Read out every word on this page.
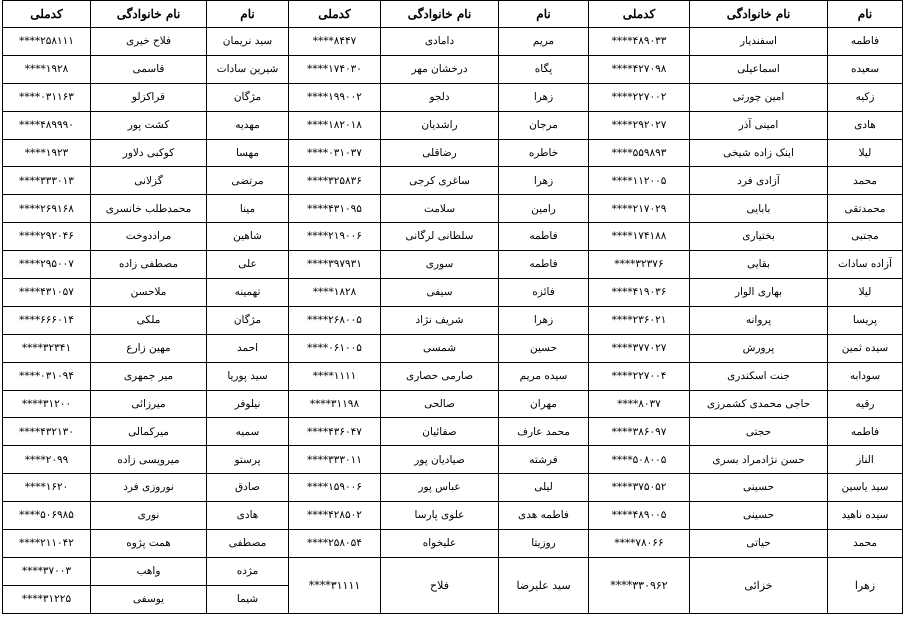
نام	نام خانوادگی	کدملی	نام	نام خانوادگی	کدملی	نام	نام خانوادگی	کدملی
فاطمه	اسفندیار	****۴۸۹۰۳۳	مریم	دامادی	****۸۴۴۷	سید نریمان	فلاح خیری	****۲۵۸۱۱۱
سعیده	اسماعیلی	****۴۲۷۰۹۸	پگاه	درخشان مهر	****۱۷۴۰۳۰	شیرین سادات	قاسمی	****۱۹۲۸
زکیه	امین چورتی	****۲۲۷۰۰۲	زهرا	دلجو	****۱۹۹۰۰۲	مژگان	قراکزلو	****۰۳۱۱۶۳
هادی	امینی آذر	****۲۹۲۰۲۷	مرجان	راشدیان	****۱۸۲۰۱۸	مهدیه	کشت پور	****۴۸۹۹۹۰
لیلا	اینک زاده شیخی	****۵۵۹۸۹۳	خاطره	رضاقلی	****۰۳۱۰۳۷	مهسا	کوکبی دلاور	****۱۹۲۳
محمد	آزادی فرد	****۱۱۲۰۰۵	زهرا	ساغری کرجی	****۳۲۵۸۳۶	مرتضی	گزلانی	****۳۳۳۰۱۳
محمدتقی	بابایی	****۲۱۷۰۲۹	رامین	سلامت	****۴۳۱۰۹۵	مینا	محمدطلب خانسری	****۲۶۹۱۶۸
مجتبی	بختیاری	****۱۷۴۱۸۸	فاطمه	سلطانی لرگانی	****۲۱۹۰۰۶	شاهین	مراددوخت	****۲۹۲۰۴۶
آزاده سادات	بقایی	****۳۲۳۷۶	فاطمه	سوری	****۳۹۷۹۳۱	علی	مصطفی زاده	****۲۹۵۰۰۷
لیلا	بهاری الوار	****۴۱۹۰۳۶	فائزه	سیفی	****۱۸۲۸	تهمینه	ملاحسن	****۴۳۱۰۵۷
پریسا	پروانه	****۲۳۶۰۲۱	زهرا	شریف نژاد	****۲۶۸۰۰۵	مژگان	ملکی	****۶۶۶۰۱۴
سیده ثمین	پرورش	****۳۷۷۰۲۷	حسین	شمسی	****۰۶۱۰۰۵	احمد	مهین زارع	****۳۲۳۴۱
سودابه	جنت اسکندری	****۲۲۷۰۰۴	سیده مریم	صارمی حصاری	****۱۱۱۱	سید پوریا	میر جمهری	****۰۳۱۰۹۴
رقیه	حاجی محمدی کشمرزی	****۸۰۳۷	مهران	صالحی	****۳۱۱۹۸	نیلوفر	میرزائی	****۳۱۲۰۰
فاطمه	حجتی	****۳۸۶۰۹۷	محمد عارف	صفائیان	****۴۳۶۰۴۷	سمیه	میرکمالی	****۴۳۲۱۳۰
الناز	حسن نژادمراد بسری	****۵۰۸۰۰۵	فرشته	صیادیان پور	****۳۳۳۰۱۱	پرستو	میرویسی زاده	****۲۰۹۹
سید یاسین	حسینی	****۳۷۵۰۵۲	لیلی	عباس پور	****۱۵۹۰۰۶	صادق	نوروزی فرد	****۱۶۲۰
سیده ناهید	حسینی	****۴۸۹۰۰۵	فاطمه هدی	علوی پارسا	****۴۲۸۵۰۲	هادی	نوری	****۵۰۶۹۸۵
محمد	حیاتی	****۷۸۰۶۶	روزیتا	علیخواه	****۲۵۸۰۵۴	مصطفی	همت پژوه	****۲۱۱۰۴۲
زهرا	خزائی	****۳۳۰۹۶۲	سید علیرضا	فلاح	****۳۱۱۱۱	مژده	واهب	****۳۷۰۰۳
						شیما	یوسفی	****۳۱۲۲۵
